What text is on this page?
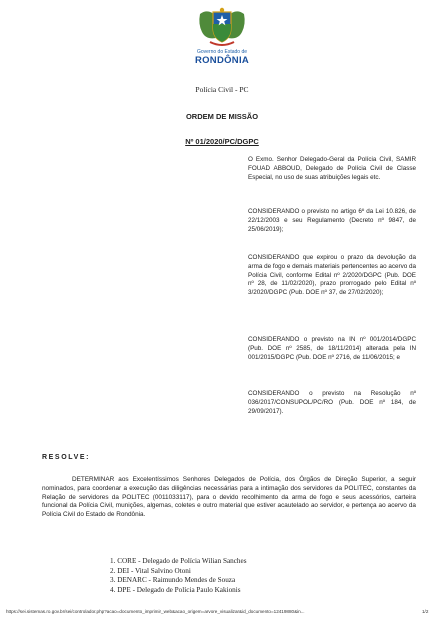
Governo do Estado de
RONDÔNIA
Polícia Civil - PC
ORDEM DE MISSÃO
Nº 01/2020/PC/DGPC

O Exmo. Senhor Delegado-Geral da Polícia Civil, SAMIR FOUAD ABBOUD, Delegado de Polícia Civil de Classe Especial, no uso de suas atribuições legais etc.

CONSIDERANDO o previsto no artigo 6º da Lei 10.826, de 22/12/2003 e seu Regulamento (Decreto nº 9847, de 25/06/2019);

CONSIDERANDO que expirou o prazo da devolução da arma de fogo e demais materiais pertencentes ao acervo da Polícia Civil, conforme Edital nº 2/2020/DGPC (Pub. DOE nº 28, de 11/02/2020), prazo prorrogado pelo Edital nº 3/2020/DGPC (Pub. DOE nº 37, de 27/02/2020);

CONSIDERANDO o previsto na IN nº 001/2014/DGPC (Pub. DOE nº 2585, de 18/11/2014) alterada pela IN 001/2015/DGPC (Pub. DOE nº 2716, de 11/06/2015; e

CONSIDERANDO o previsto na Resolução nº 036/2017/CONSUPOL/PC/RO (Pub. DOE nº 184, de 29/09/2017).

RESOLVE:
DETERMINAR aos Excelentíssimos Senhores Delegados de Polícia, dos Órgãos de Direção Superior, a seguir nominados, para coordenar a execução das diligências necessárias para a intimação dos servidores da POLITEC, constantes da Relação de servidores da POLITEC (0011033117), para o devido recolhimento da arma de fogo e seus acessórios, carteira funcional da Polícia Civil, munições, algemas, coletes e outro material que estiver acautelado ao servidor, e pertença ao acervo da Polícia Civil do Estado de Rondônia.
1. CORE - Delegado de Polícia Wilian Sanches
2. DEI - Vital Salvino Otoni
3. DENARC - Raimundo Mendes de Souza
4. DPE - Delegado de Polícia Paulo Kakionis
https://sei.sistemas.ro.gov.br/sei/controlador.php?acao=documento_imprimir_web&acao_origem=arvore_visualizar&id_documento=12419880&in...	1/2
